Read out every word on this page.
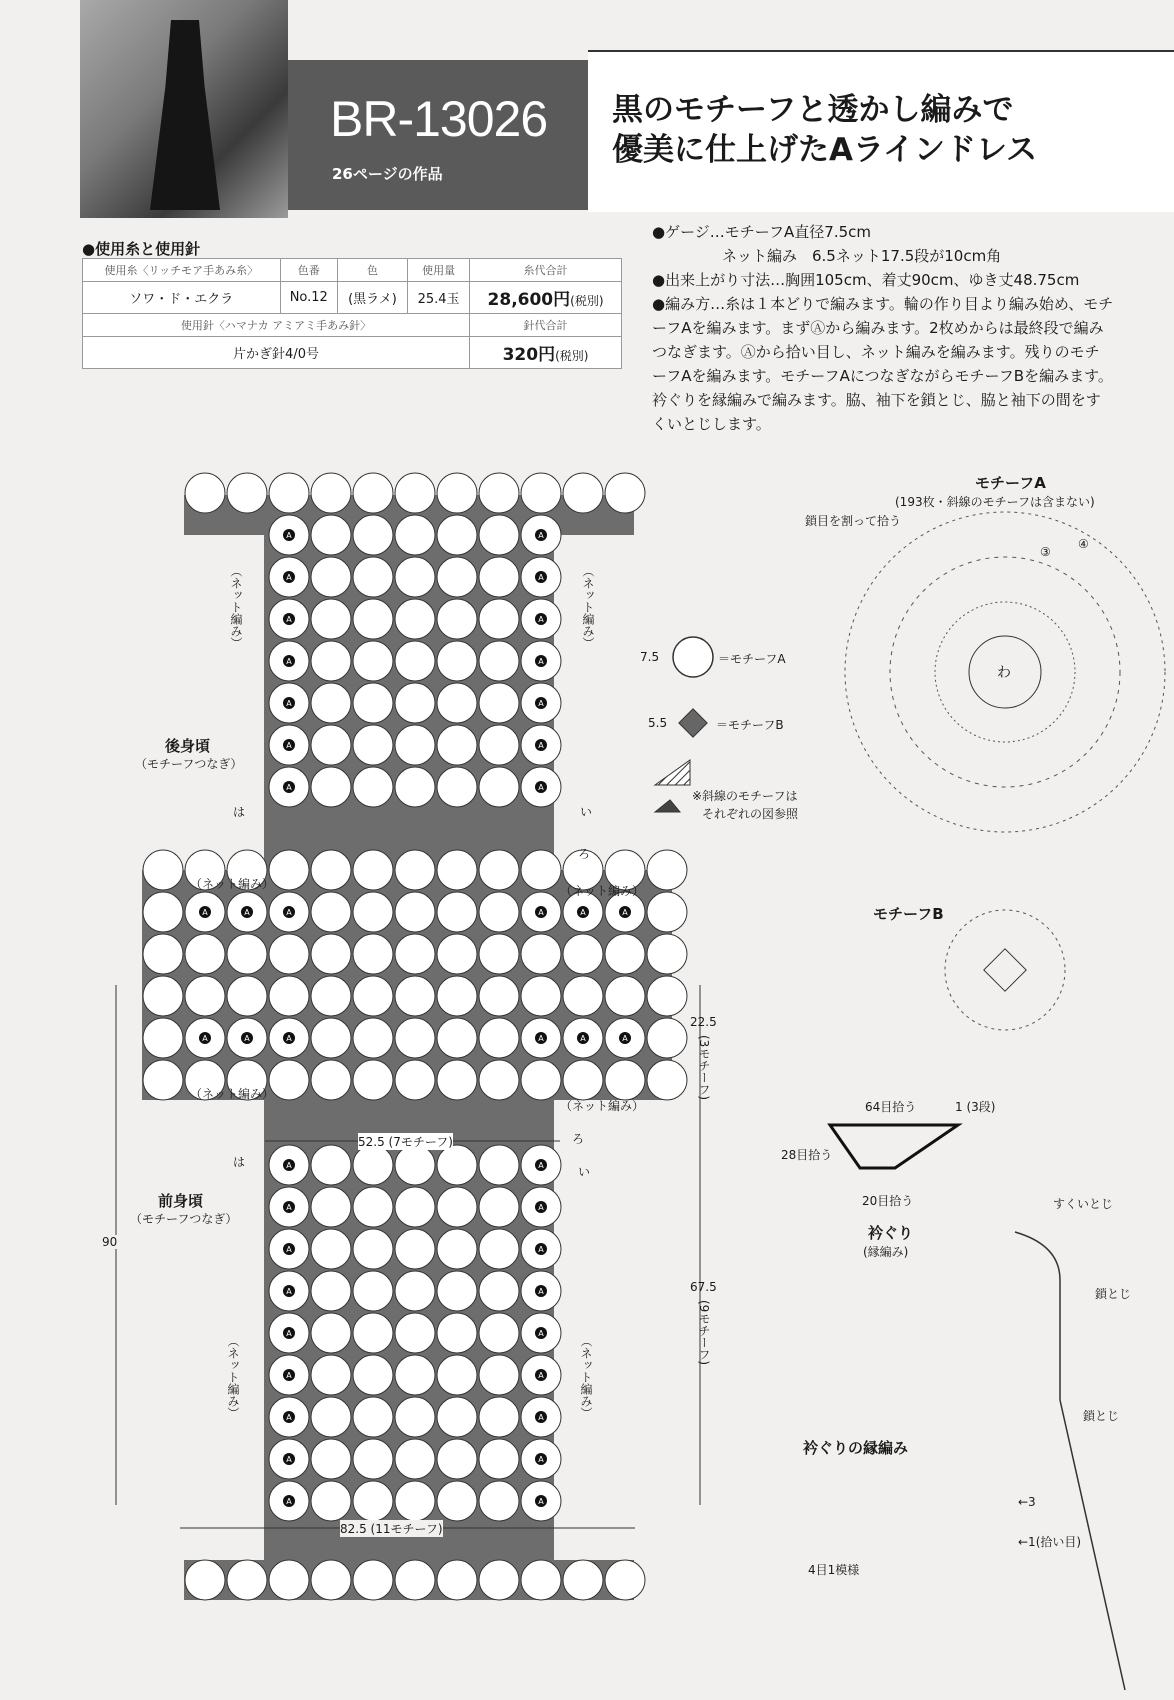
BR-13026
26ページの作品
黒のモチーフと透かし編みで
優美に仕上げたAラインドレス
●使用糸と使用針
使用糸〈リッチモア手あみ糸〉	色番	色	使用量	糸代合計
ソワ・ド・エクラ	No.12	(黒ラメ)	25.4玉	28,600円(税別)
使用針〈ハマナカ アミアミ手あみ針〉				針代合計
片かぎ針4/0号				320円(税別)

●ゲージ…モチーフA直径7.5cm

ネット編み　6.5ネット17.5段が10cm角

●出来上がり寸法…胸囲105cm、着丈90cm、ゆき丈48.75cm

●編み方…糸は１本どりで編みます。輪の作り目より編み始め、モチ

ーフAを編みます。まずⒶから編みます。2枚めからは最終段で編み

つなぎます。Ⓐから拾い目し、ネット編みを編みます。残りのモチ

ーフAを編みます。モチーフAにつなぎながらモチーフBを編みます。

衿ぐりを縁編みで編みます。脇、袖下を鎖とじ、脇と袖下の間をす

くいとじします。

A	A
A	A
A	A
A	A
A	A
A	A
A	A
A	A	A	A	A	A
A	A	A	A	A	A
A	A
A	A
A	A
A	A
A	A
A	A
A	A
A	A
A	A
後身頃
（モチーフつなぎ）
前身頃
（モチーフつなぎ）
（ネット編み）	（ネット編み）
（ネット編み）
（ネット編み）
（ネット編み）	（ネット編み）
（ネット編み）	（ネット編み）
は	い
ろ
は
い
ろ
52.5 (7モチーフ)
82.5 (11モチーフ)
90
22.5
(3モチーフ)
67.5
(9モチーフ)
7.5	＝モチーフA
5.5	＝モチーフB
※斜線のモチーフは
それぞれの図参照
モチーフA
(193枚・斜線のモチーフは含まない)
鎖目を割って拾う
わ
③
④
モチーフB
64目拾う	1 (3段)
28目拾う
20目拾う
衿ぐり
(縁編み)
衿ぐりの縁編み
←3
←1(拾い目)
4目1模様
すくいとじ
鎖とじ
鎖とじ
